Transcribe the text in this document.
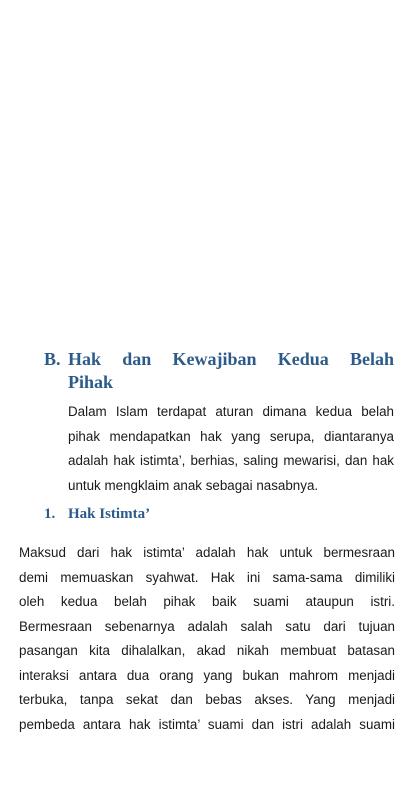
B. Hak dan Kewajiban Kedua Belah
Pihak
Dalam Islam terdapat aturan dimana kedua belah
pihak mendapatkan hak yang serupa, diantaranya
adalah hak istimta’, berhias, saling mewarisi, dan hak
untuk mengklaim anak sebagai nasabnya.
1. Hak Istimta’
Maksud dari hak istimta’ adalah hak untuk bermesraan
demi memuaskan syahwat. Hak ini sama-sama dimiliki
oleh kedua belah pihak baik suami ataupun istri.
Bermesraan sebenarnya adalah salah satu dari tujuan
pasangan kita dihalalkan, akad nikah membuat batasan
interaksi antara dua orang yang bukan mahrom menjadi
terbuka, tanpa sekat dan bebas akses. Yang menjadi
pembeda antara hak istimta’ suami dan istri adalah suami
